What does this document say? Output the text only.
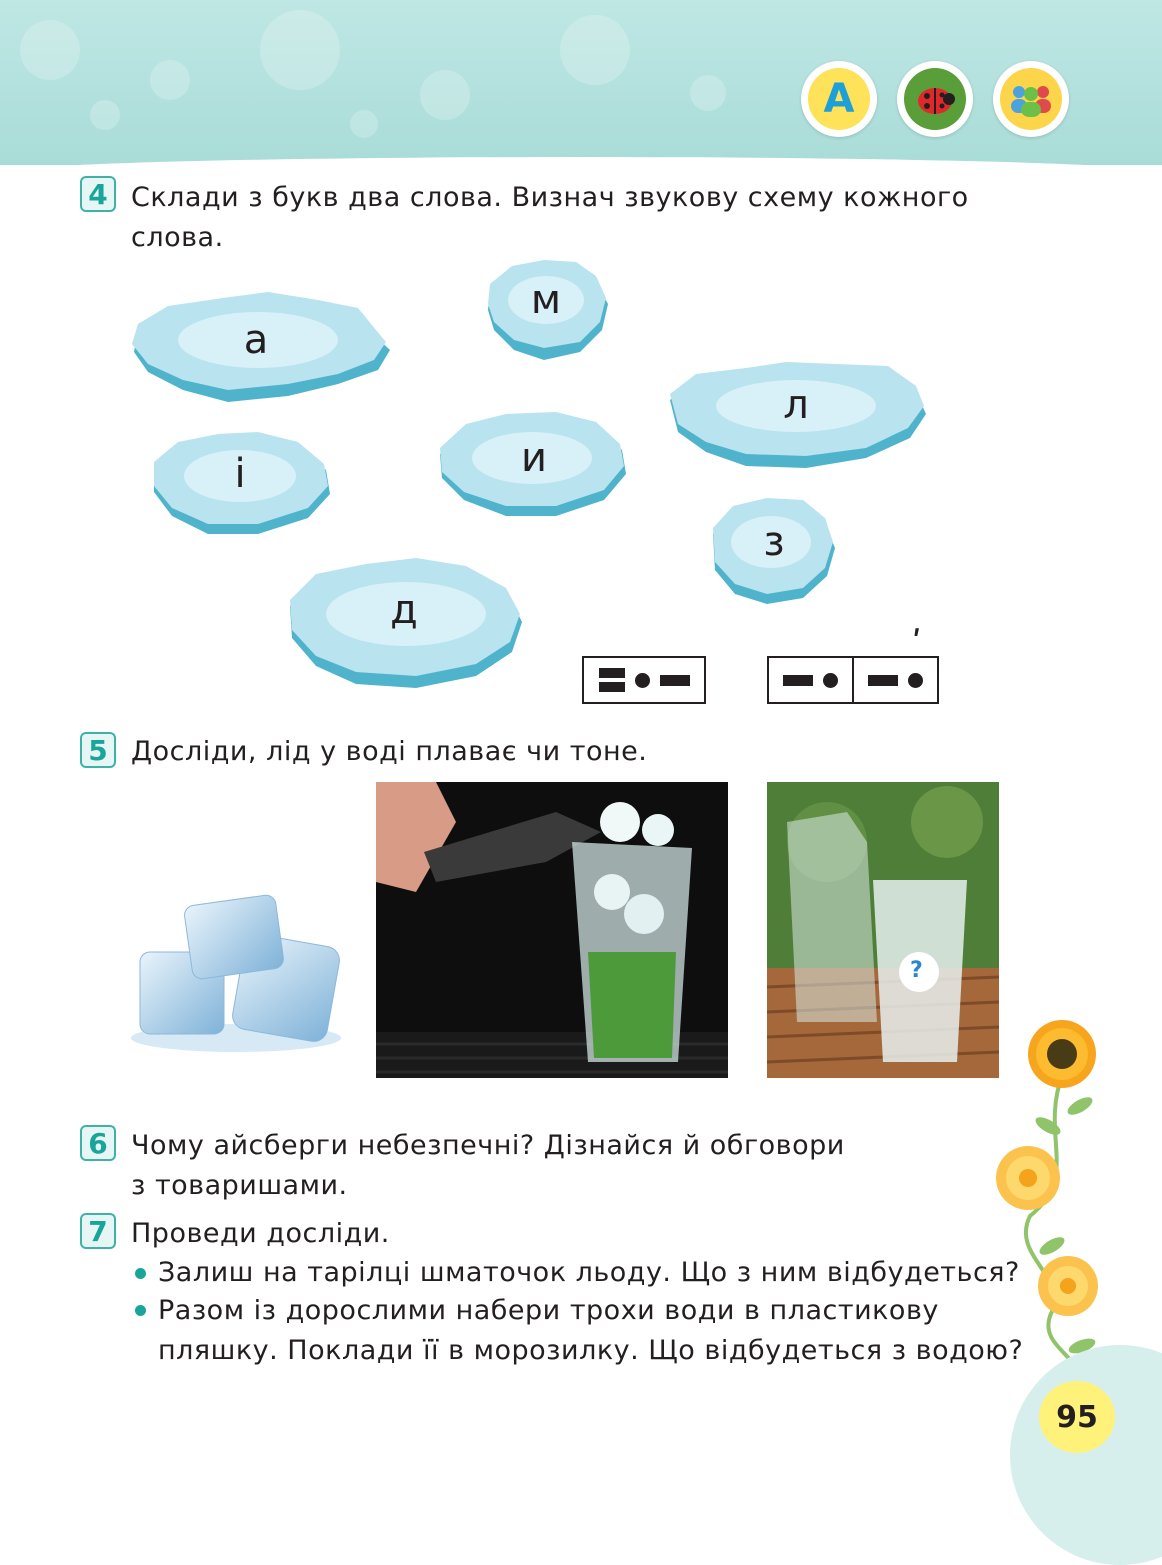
А
4 Склади з букв два слова. Визнач звукову схему кожного
слова.
а
м
л
і	и
з
д
ʹ
5 Досліди, лід у воді плаває чи тоне.
?
6 Чому айсберги небезпечні? Дізнайся й обговори
з товаришами.
7 Проведи досліди.
Залиш на тарілці шматочок льоду. Що з ним відбудеться?
Разом із дорослими набери трохи води в пластикову
пляшку. Поклади її в морозилку. Що відбудеться з водою?
95
